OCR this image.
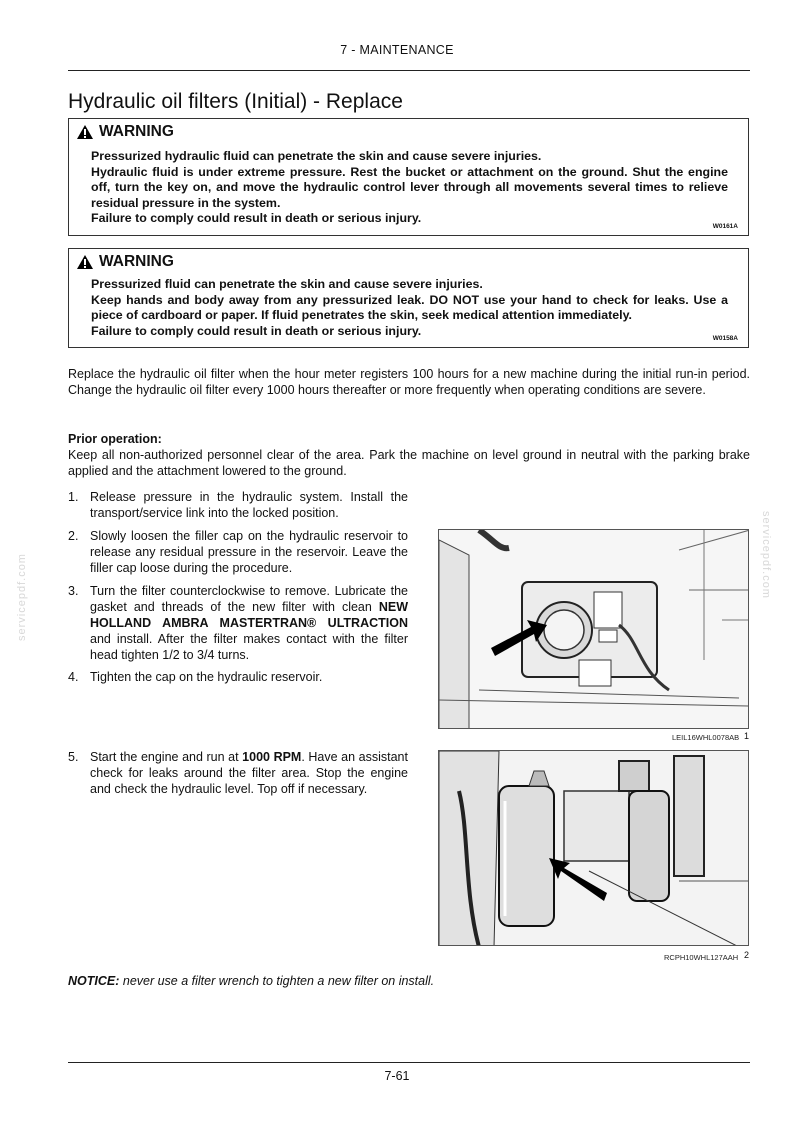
7 - MAINTENANCE
Hydraulic oil filters (Initial) - Replace
WARNING
Pressurized hydraulic fluid can penetrate the skin and cause severe injuries.
Hydraulic fluid is under extreme pressure. Rest the bucket or attachment on the ground. Shut the engine off, turn the key on, and move the hydraulic control lever through all movements several times to relieve residual pressure in the system.
Failure to comply could result in death or serious injury.
W0161A
WARNING
Pressurized fluid can penetrate the skin and cause severe injuries.
Keep hands and body away from any pressurized leak. DO NOT use your hand to check for leaks. Use a piece of cardboard or paper. If fluid penetrates the skin, seek medical attention immediately.
Failure to comply could result in death or serious injury.
W0158A
Replace the hydraulic oil filter when the hour meter registers 100 hours for a new machine during the initial run-in period. Change the hydraulic oil filter every 1000 hours thereafter or more frequently when operating conditions are severe.
Prior operation:
Keep all non-authorized personnel clear of the area. Park the machine on level ground in neutral with the parking brake applied and the attachment lowered to the ground.
1. Release pressure in the hydraulic system. Install the transport/service link into the locked position.
2. Slowly loosen the filler cap on the hydraulic reservoir to release any residual pressure in the reservoir. Leave the filler cap loose during the procedure.
3. Turn the filter counterclockwise to remove. Lubricate the gasket and threads of the new filter with clean NEW HOLLAND AMBRA MASTERTRAN® ULTRACTION and install. After the filter makes contact with the filter head tighten 1/2 to 3/4 turns.
4. Tighten the cap on the hydraulic reservoir.
5. Start the engine and run at 1000 RPM. Have an assistant check for leaks around the filter area. Stop the engine and check the hydraulic level. Top off if necessary.
LEIL16WHL0078AB 1
RCPH10WHL127AAH 2
NOTICE: never use a filter wrench to tighten a new filter on install.
servicepdf.com	servicepdf.com
7-61
